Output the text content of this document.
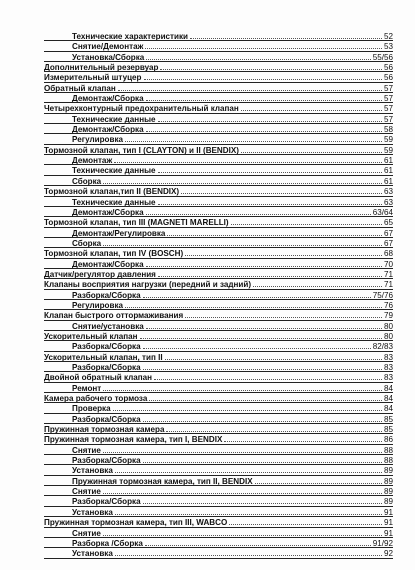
Технические характеристики	52
Снятие/Демонтаж	53
Установка/Сборка	55/56
Дополнительный резервуар	56
Измерительный штуцер	56
Обратный клапан	57
Демонтаж/Сборка	57
Четырехконтурный предохранительный клапан	57
Технические данные	57
Демонтаж/Сборка	58
Регулировка	59
Тормозной клапан, тип I (CLAYTON) и II (BENDIX)	59
Демонтаж	61
Технические данные	61
Сборка	61
Тормозной клапан,тип II (BENDIX)	63
Технические данные	63
Демонтаж/Сборка	63/64
Тормозной клапан, тип III (MAGNETI MARELLI)	65
Демонтаж/Регулировка	67
Сборка	67
Тормозной клапан, тип IV (BOSCH)	68
Демонтаж/Сборка	70
Датчик/регулятор давления	71
Клапаны восприятия нагрузки (передний и задний)	71
Разборка/Сборка	75/76
Регулировка	76
Клапан быстрого оттормаживания	79
Снятие/установка	80
Ускорительный клапан	80
Разборка/Сборка	82/83
Ускорительный клапан, тип II	83
Разборка/Сборка	83
Двойной обратный клапан	83
Ремонт	84
Камера рабочего тормоза	84
Проверка	84
Разборка/Сборка	85
Пружинная тормозная камера	85
Пружинная тормозная камера, тип I, BENDIX	86
Снятие	88
Разборка/Сборка	88
Установка	89
Пружинная тормозная камера, тип II, BENDIX	89
Снятие	89
Разборка/Сборка	89
Установка	91
Пружинная тормозная камера, тип III, WABCO	91
Снятие	91
Разборка /Сборка	91/92
Установка	92
